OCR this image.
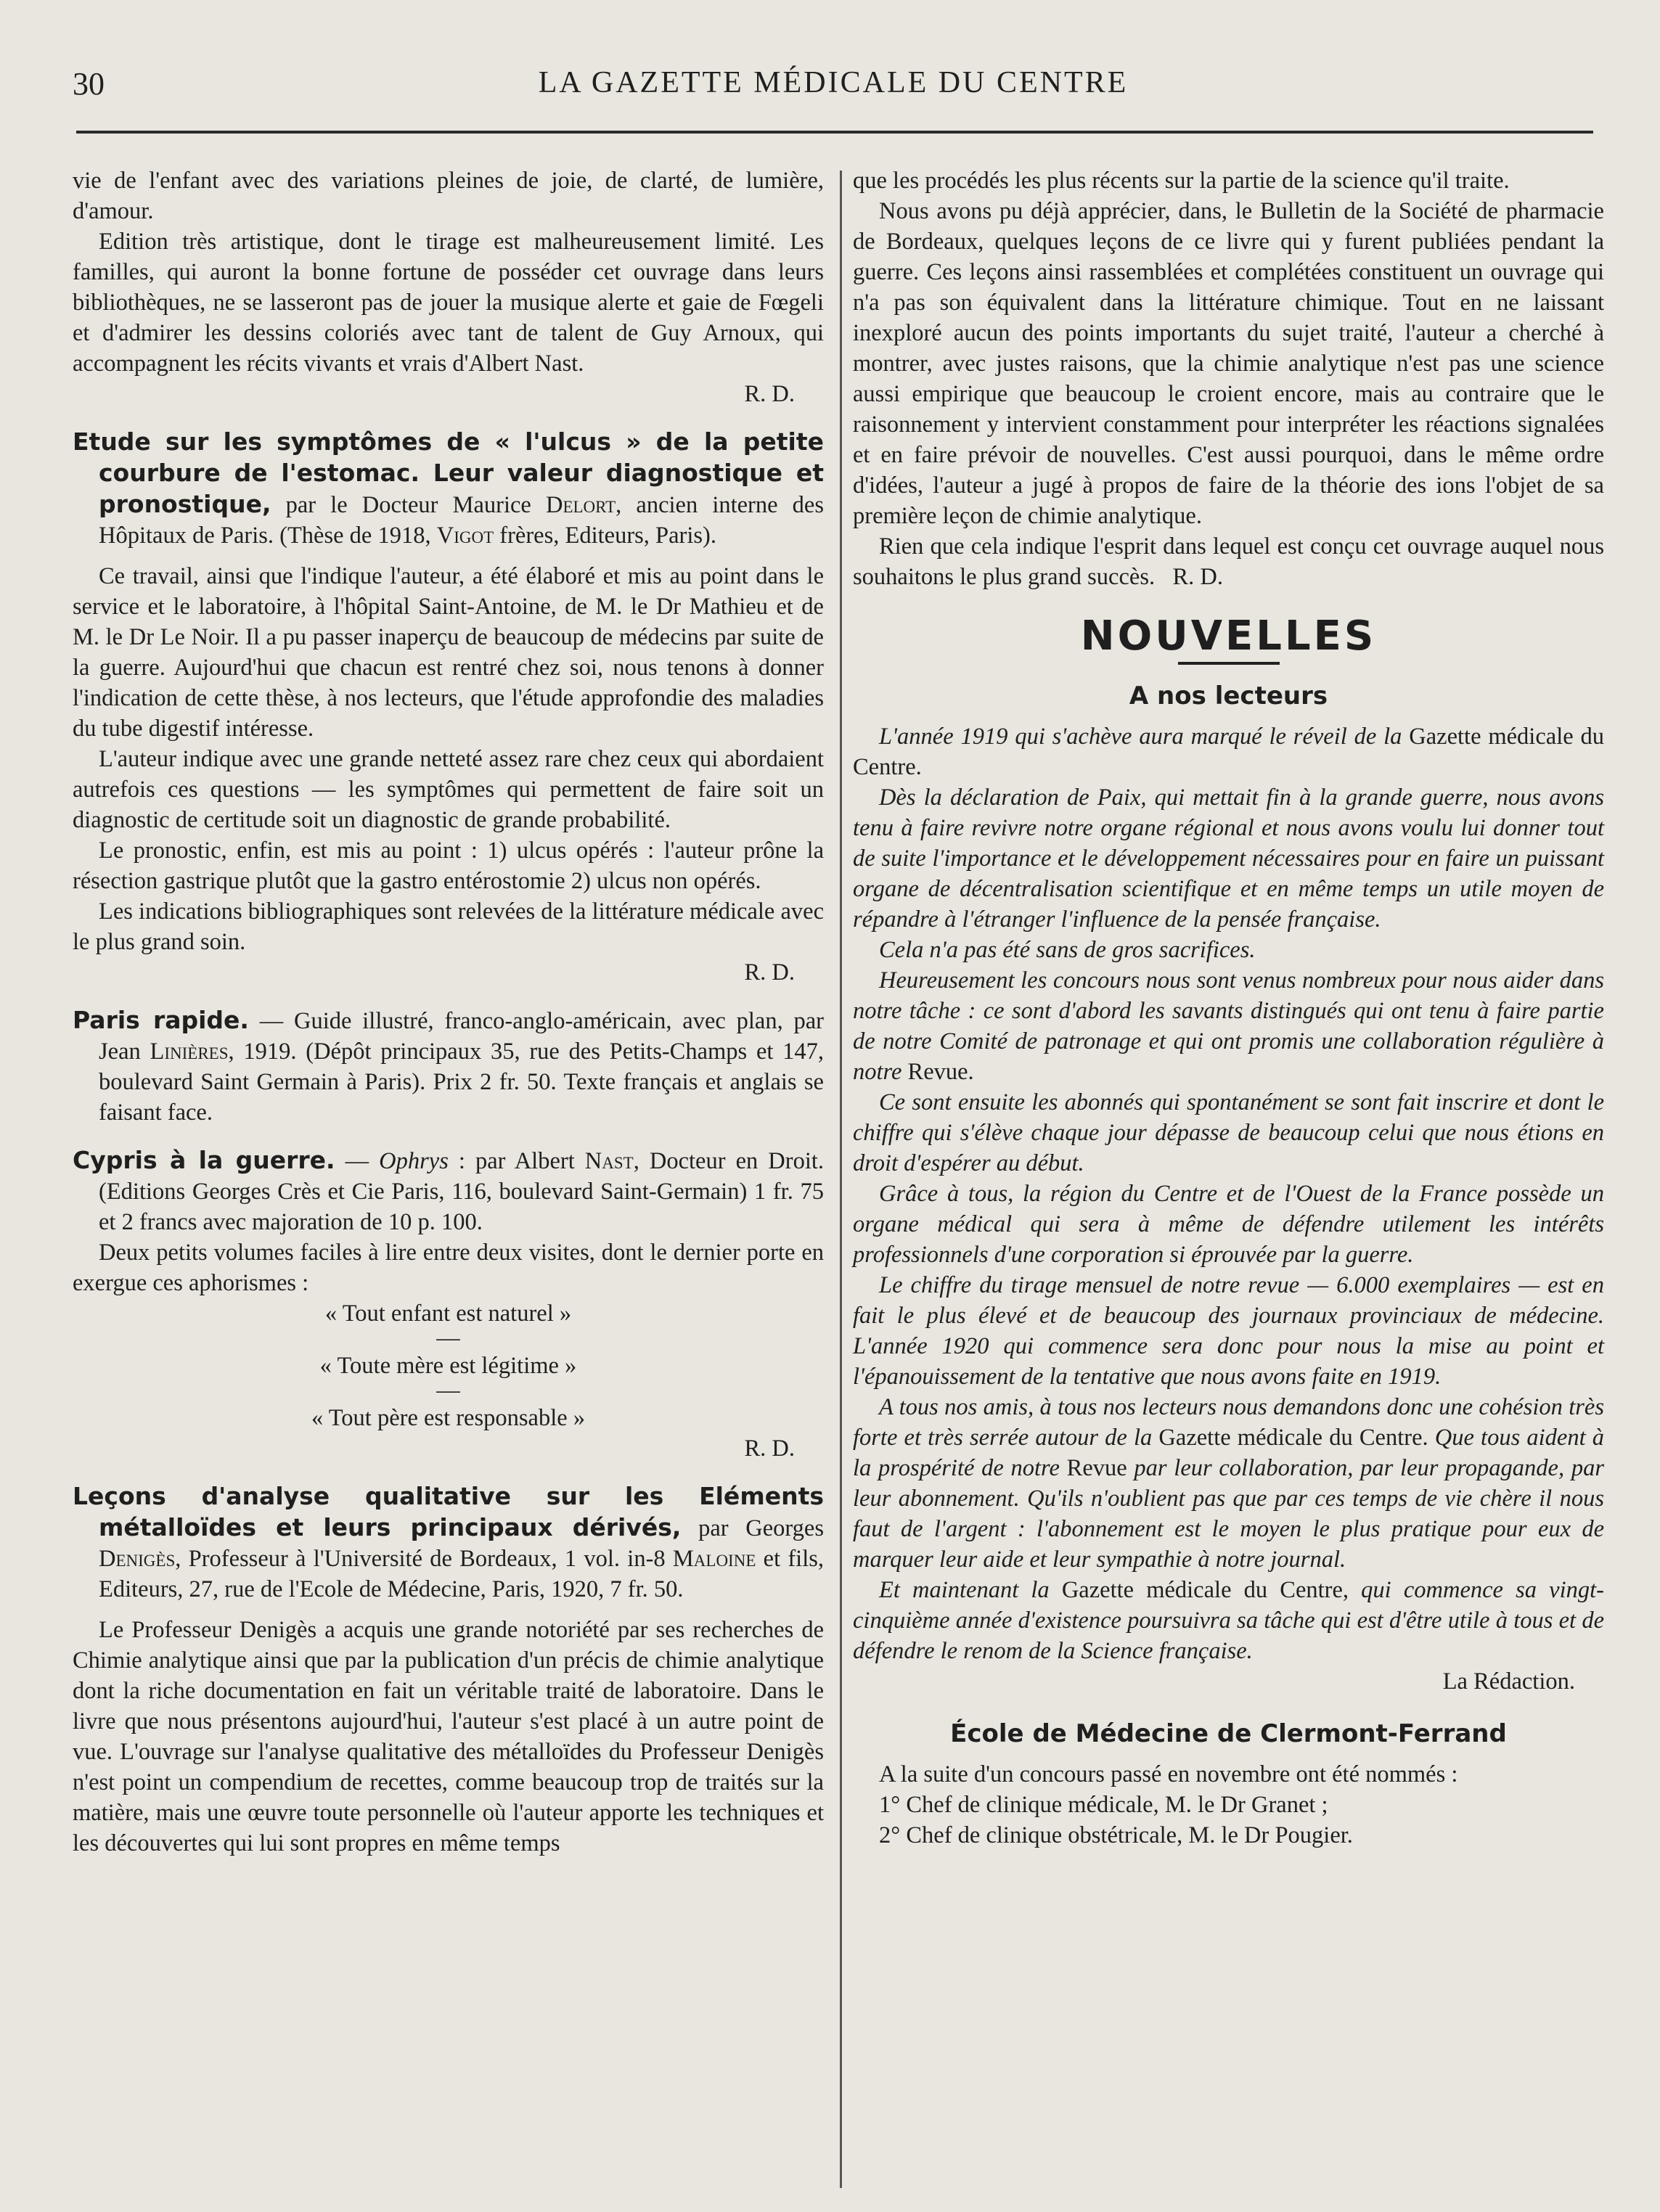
30	LA GAZETTE MÉDICALE DU CENTRE

vie de l'enfant avec des variations pleines de joie, de clarté, de lumière, d'amour.

Edition très artistique, dont le tirage est malheureusement limité. Les familles, qui auront la bonne fortune de posséder cet ouvrage dans leurs bibliothèques, ne se lasseront pas de jouer la musique alerte et gaie de Fœgeli et d'admirer les dessins coloriés avec tant de talent de Guy Arnoux, qui accompagnent les récits vivants et vrais d'Albert Nast.

R. D.

Etude sur les symptômes de « l'ulcus » de la petite courbure de l'estomac. Leur valeur diagnostique et pronostique, par le Docteur Maurice Delort, ancien interne des Hôpitaux de Paris. (Thèse de 1918, Vigot frères, Editeurs, Paris).

Ce travail, ainsi que l'indique l'auteur, a été élaboré et mis au point dans le service et le laboratoire, à l'hôpital Saint-Antoine, de M. le Dr Mathieu et de M. le Dr Le Noir. Il a pu passer inaperçu de beaucoup de médecins par suite de la guerre. Aujourd'hui que chacun est rentré chez soi, nous tenons à donner l'indication de cette thèse, à nos lecteurs, que l'étude approfondie des maladies du tube digestif intéresse.

L'auteur indique avec une grande netteté assez rare chez ceux qui abordaient autrefois ces questions — les symptômes qui permettent de faire soit un diagnostic de certitude soit un diagnostic de grande probabilité.

Le pronostic, enfin, est mis au point : 1) ulcus opérés : l'auteur prône la résection gastrique plutôt que la gastro entérostomie 2) ulcus non opérés.

Les indications bibliographiques sont relevées de la littérature médicale avec le plus grand soin.

R. D.

Paris rapide. — Guide illustré, franco-anglo-américain, avec plan, par Jean Linières, 1919. (Dépôt principaux 35, rue des Petits-Champs et 147, boulevard Saint Germain à Paris). Prix 2 fr. 50. Texte français et anglais se faisant face.

Cypris à la guerre. — Ophrys : par Albert Nast, Docteur en Droit. (Editions Georges Crès et Cie Paris, 116, boulevard Saint-Germain) 1 fr. 75 et 2 francs avec majoration de 10 p. 100.

Deux petits volumes faciles à lire entre deux visites, dont le dernier porte en exergue ces aphorismes :

« Tout enfant est naturel »

—

« Toute mère est légitime »

—

« Tout père est responsable »

R. D.

Leçons d'analyse qualitative sur les Eléments métalloïdes et leurs principaux dérivés, par Georges Denigès, Professeur à l'Université de Bordeaux, 1 vol. in-8 Maloine et fils, Editeurs, 27, rue de l'Ecole de Médecine, Paris, 1920, 7 fr. 50.

Le Professeur Denigès a acquis une grande notoriété par ses recherches de Chimie analytique ainsi que par la publication d'un précis de chimie analytique dont la riche documentation en fait un véritable traité de laboratoire. Dans le livre que nous présentons aujourd'hui, l'auteur s'est placé à un autre point de vue. L'ouvrage sur l'analyse qualitative des métalloïdes du Professeur Denigès n'est point un compendium de recettes, comme beaucoup trop de traités sur la matière, mais une œuvre toute personnelle où l'auteur apporte les techniques et les découvertes qui lui sont propres en même temps

que les procédés les plus récents sur la partie de la science qu'il traite.

Nous avons pu déjà apprécier, dans, le Bulletin de la Société de pharmacie de Bordeaux, quelques leçons de ce livre qui y furent publiées pendant la guerre. Ces leçons ainsi rassemblées et complétées constituent un ouvrage qui n'a pas son équivalent dans la littérature chimique. Tout en ne laissant inexploré aucun des points importants du sujet traité, l'auteur a cherché à montrer, avec justes raisons, que la chimie analytique n'est pas une science aussi empirique que beaucoup le croient encore, mais au contraire que le raisonnement y intervient constamment pour interpréter les réactions signalées et en faire prévoir de nouvelles. C'est aussi pourquoi, dans le même ordre d'idées, l'auteur a jugé à propos de faire de la théorie des ions l'objet de sa première leçon de chimie analytique.

Rien que cela indique l'esprit dans lequel est conçu cet ouvrage auquel nous souhaitons le plus grand succès. R. D.

NOUVELLES
A nos lecteurs

L'année 1919 qui s'achève aura marqué le réveil de la Gazette médicale du Centre.

Dès la déclaration de Paix, qui mettait fin à la grande guerre, nous avons tenu à faire revivre notre organe régional et nous avons voulu lui donner tout de suite l'importance et le développement nécessaires pour en faire un puissant organe de décentralisation scientifique et en même temps un utile moyen de répandre à l'étranger l'influence de la pensée française.

Cela n'a pas été sans de gros sacrifices.

Heureusement les concours nous sont venus nombreux pour nous aider dans notre tâche : ce sont d'abord les savants distingués qui ont tenu à faire partie de notre Comité de patronage et qui ont promis une collaboration régulière à notre Revue.

Ce sont ensuite les abonnés qui spontanément se sont fait inscrire et dont le chiffre qui s'élève chaque jour dépasse de beaucoup celui que nous étions en droit d'espérer au début.

Grâce à tous, la région du Centre et de l'Ouest de la France possède un organe médical qui sera à même de défendre utilement les intérêts professionnels d'une corporation si éprouvée par la guerre.

Le chiffre du tirage mensuel de notre revue — 6.000 exemplaires — est en fait le plus élevé et de beaucoup des journaux provinciaux de médecine. L'année 1920 qui commence sera donc pour nous la mise au point et l'épanouissement de la tentative que nous avons faite en 1919.

A tous nos amis, à tous nos lecteurs nous demandons donc une cohésion très forte et très serrée autour de la Gazette médicale du Centre. Que tous aident à la prospérité de notre Revue par leur collaboration, par leur propagande, par leur abonnement. Qu'ils n'oublient pas que par ces temps de vie chère il nous faut de l'argent : l'abonnement est le moyen le plus pratique pour eux de marquer leur aide et leur sympathie à notre journal.

Et maintenant la Gazette médicale du Centre, qui commence sa vingt-cinquième année d'existence poursuivra sa tâche qui est d'être utile à tous et de défendre le renom de la Science française.

La Rédaction.

École de Médecine de Clermont-Ferrand

A la suite d'un concours passé en novembre ont été nommés :

1° Chef de clinique médicale, M. le Dr Granet ;

2° Chef de clinique obstétricale, M. le Dr Pougier.
